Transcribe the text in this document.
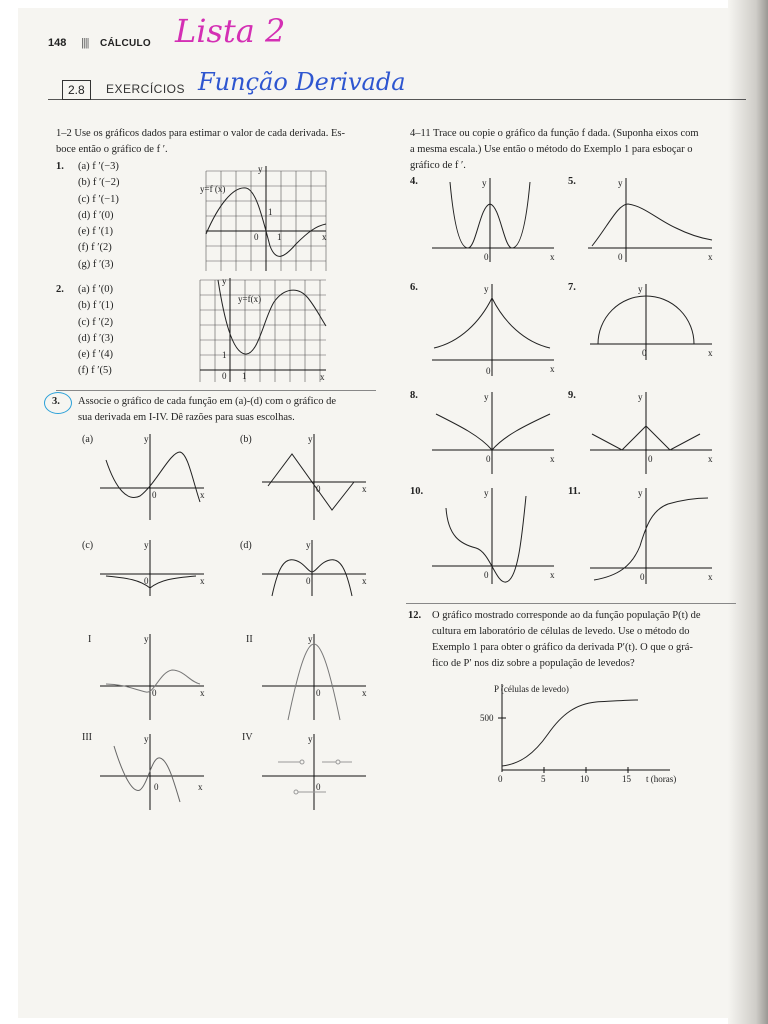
148 |||| CÁLCULO Lista 2
2.8	EXERCÍCIOS Função Derivada
1–2 Use os gráficos dados para estimar o valor de cada derivada. Es-
boce então o gráfico de f ′.
1. (a) f ′(−3)
(b) f ′(−2)
(c) f ′(−1)
(d) f ′(0)
(e) f ′(1)
(f) f ′(2)
(g) f ′(3)
y=f (x)
y
x
0 1
1
2. (a) f ′(0)
(b) f ′(1)
(c) f ′(2)
(d) f ′(3)
(e) f ′(4)
(f) f ′(5)
y=f(x)
y
x
0 1
1
3. Associe o gráfico de cada função em (a)-(d) com o gráfico de
sua derivada em I-IV. Dê razões para suas escolhas.
(a)	(b)
(c)	(d)
I	II
III	IV
y
x
0
y
x
0
y
x
0
y
x
0
y
x
0
y
x
0
y
x
0
y
0
4–11 Trace ou copie o gráfico da função f dada. (Suponha eixos com
a mesma escala.) Use então o método do Exemplo 1 para esboçar o
gráfico de f ′.
4.	5.
6.	7.
8.	9.
10.	11.
y
x
0
y
x
0
y
x
0
y
x
0
y
x
0
y
x
0
y
x
0
y
x
0
12. O gráfico mostrado corresponde ao da função população P(t) de
cultura em laboratório de células de levedo. Use o método do
Exemplo 1 para obter o gráfico da derivada P′(t). O que o grá-
fico de P′ nos diz sobre a população de levedos?
P (células de levedo)
t (horas)
500
0	5	10	15
